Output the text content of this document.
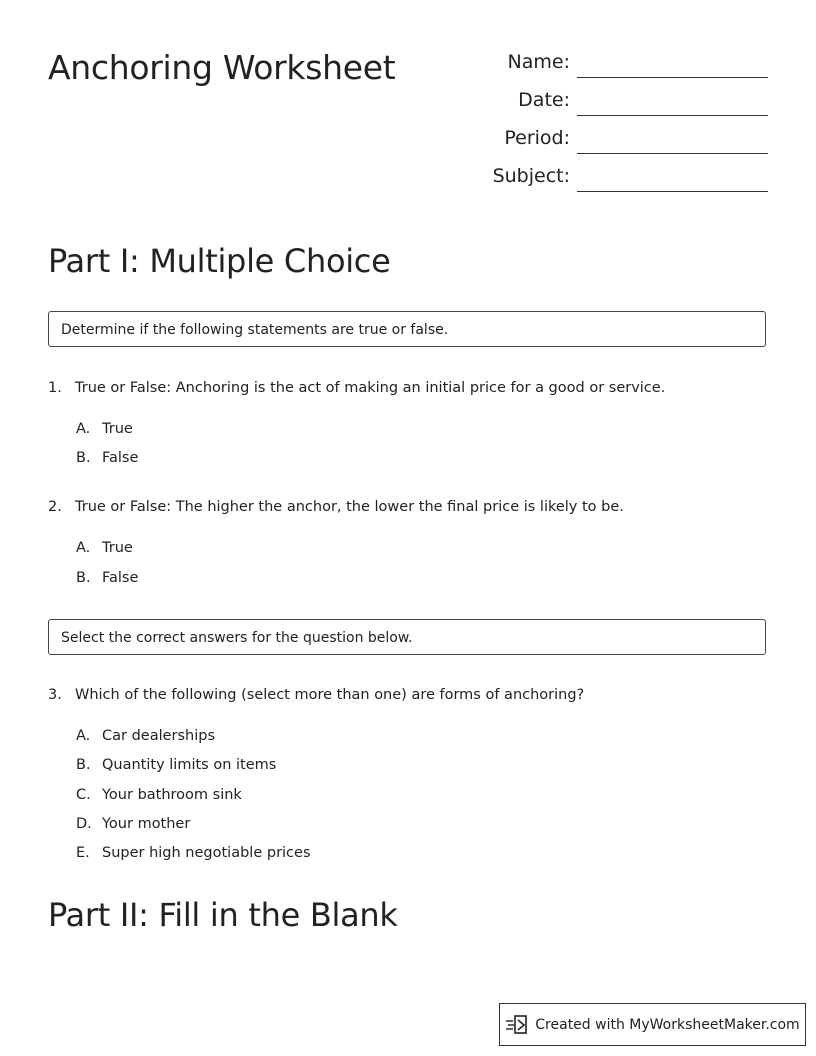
Anchoring Worksheet	Name:
Date:
Period:
Subject:
Part I: Multiple Choice
Determine if the following statements are true or false.
1. True or False: Anchoring is the act of making an initial price for a good or service.
A. True
B. False
2. True or False: The higher the anchor, the lower the final price is likely to be.
A. True
B. False
Select the correct answers for the question below.
3. Which of the following (select more than one) are forms of anchoring?
A. Car dealerships
B. Quantity limits on items
C. Your bathroom sink
D. Your mother
E. Super high negotiable prices
Part II: Fill in the Blank
Created with MyWorksheetMaker.com
